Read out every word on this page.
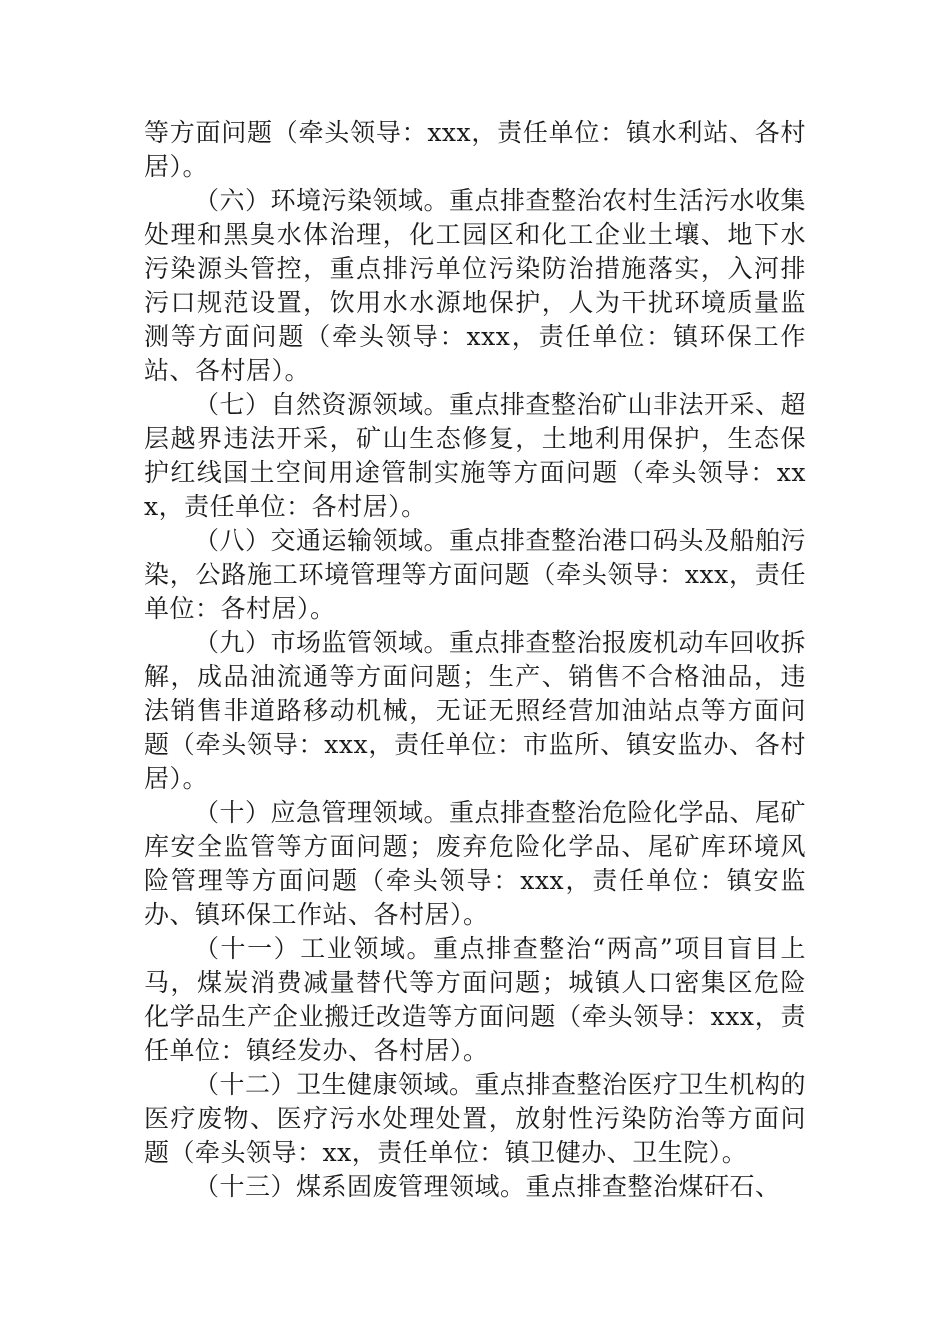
等方面问题（牵头领导：xxx，责任单位：镇水利站、各村居）。

（六）环境污染领域。重点排查整治农村生活污水收集处理和黑臭水体治理，化工园区和化工企业土壤、地下水污染源头管控，重点排污单位污染防治措施落实，入河排污口规范设置，饮用水水源地保护，人为干扰环境质量监测等方面问题（牵头领导：xxx，责任单位：镇环保工作站、各村居）。

（七）自然资源领域。重点排查整治矿山非法开采、超层越界违法开采，矿山生态修复，土地利用保护，生态保护红线国土空间用途管制实施等方面问题（牵头领导：xxx，责任单位：各村居）。

（八）交通运输领域。重点排查整治港口码头及船舶污染，公路施工环境管理等方面问题（牵头领导：xxx，责任单位：各村居）。

（九）市场监管领域。重点排查整治报废机动车回收拆解，成品油流通等方面问题；生产、销售不合格油品，违法销售非道路移动机械，无证无照经营加油站点等方面问题（牵头领导：xxx，责任单位：市监所、镇安监办、各村居）。

（十）应急管理领域。重点排查整治危险化学品、尾矿库安全监管等方面问题；废弃危险化学品、尾矿库环境风险管理等方面问题（牵头领导：xxx，责任单位：镇安监办、镇环保工作站、各村居）。

（十一）工业领域。重点排查整治“两高”项目盲目上马，煤炭消费减量替代等方面问题；城镇人口密集区危险化学品生产企业搬迁改造等方面问题（牵头领导：xxx，责任单位：镇经发办、各村居）。

（十二）卫生健康领域。重点排查整治医疗卫生机构的医疗废物、医疗污水处理处置，放射性污染防治等方面问题（牵头领导：xx，责任单位：镇卫健办、卫生院）。

（十三）煤系固废管理领域。重点排查整治煤矸石、
